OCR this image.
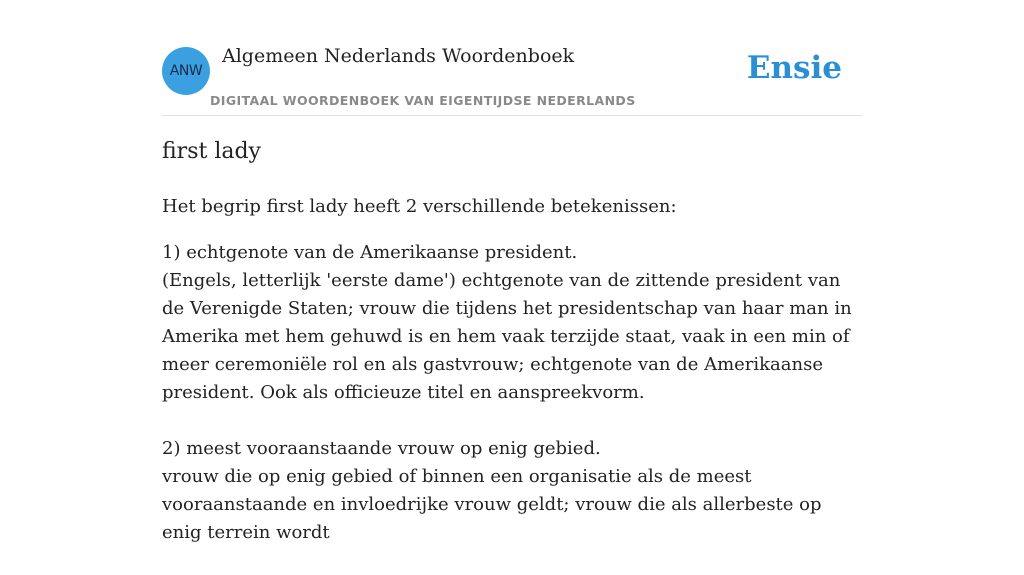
ANW
Algemeen Nederlands Woordenboek
DIGITAAL WOORDENBOEK VAN EIGENTIJDSE NEDERLANDS
Ensie
first lady

Het begrip first lady heeft 2 verschillende betekenissen:

1) echtgenote van de Amerikaanse president.

(Engels, letterlijk 'eerste dame') echtgenote van de zittende president van de Verenigde Staten; vrouw die tijdens het presidentschap van haar man in Amerika met hem gehuwd is en hem vaak terzijde staat, vaak in een min of meer ceremoniële rol en als gastvrouw; echtgenote van de Amerikaanse president. Ook als officieuze titel en aanspreekvorm.

2) meest vooraanstaande vrouw op enig gebied.

vrouw die op enig gebied of binnen een organisatie als de meest vooraanstaande en invloedrijke vrouw geldt; vrouw die als allerbeste op enig terrein wordt
